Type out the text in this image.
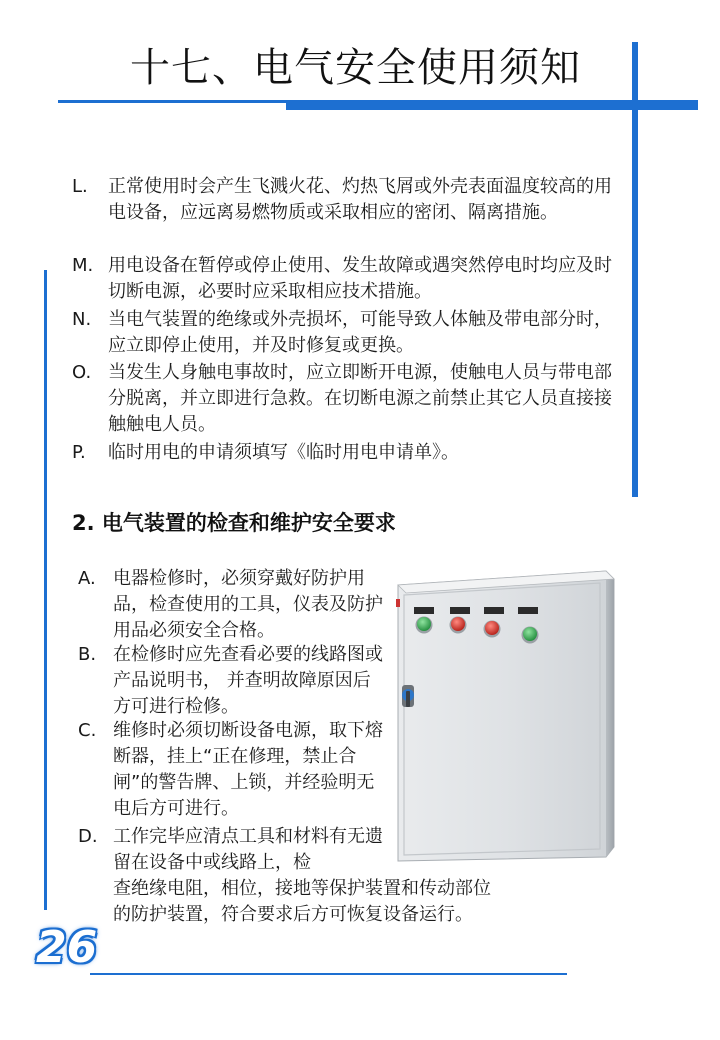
十七、电气安全使用须知
L. 正常使用时会产生飞溅火花、灼热飞屑或外壳表面温度较高的用电设备，应远离易燃物质或采取相应的密闭、隔离措施。
M. 用电设备在暂停或停止使用、发生故障或遇突然停电时均应及时切断电源，必要时应采取相应技术措施。
N. 当电气装置的绝缘或外壳损坏，可能导致人体触及带电部分时，应立即停止使用，并及时修复或更换。
O. 当发生人身触电事故时，应立即断开电源，使触电人员与带电部分脱离，并立即进行急救。在切断电源之前禁止其它人员直接接触触电人员。
P. 临时用电的申请须填写《临时用电申请单》。
2. 电气装置的检查和维护安全要求
A. 电器检修时，必须穿戴好防护用品，检查使用的工具，仪表及防护用品必须安全合格。
B. 在检修时应先查看必要的线路图或产品说明书， 并查明故障原因后方可进行检修。
C. 维修时必须切断设备电源，取下熔断器，挂上“正在修理，禁止合闸”的警告牌、上锁，并经验明无电后方可进行。
D. 工作完毕应清点工具和材料有无遗留在设备中或线路上，检
查绝缘电阻，相位，接地等保护装置和传动部位的防护装置，符合要求后方可恢复设备运行。
26
